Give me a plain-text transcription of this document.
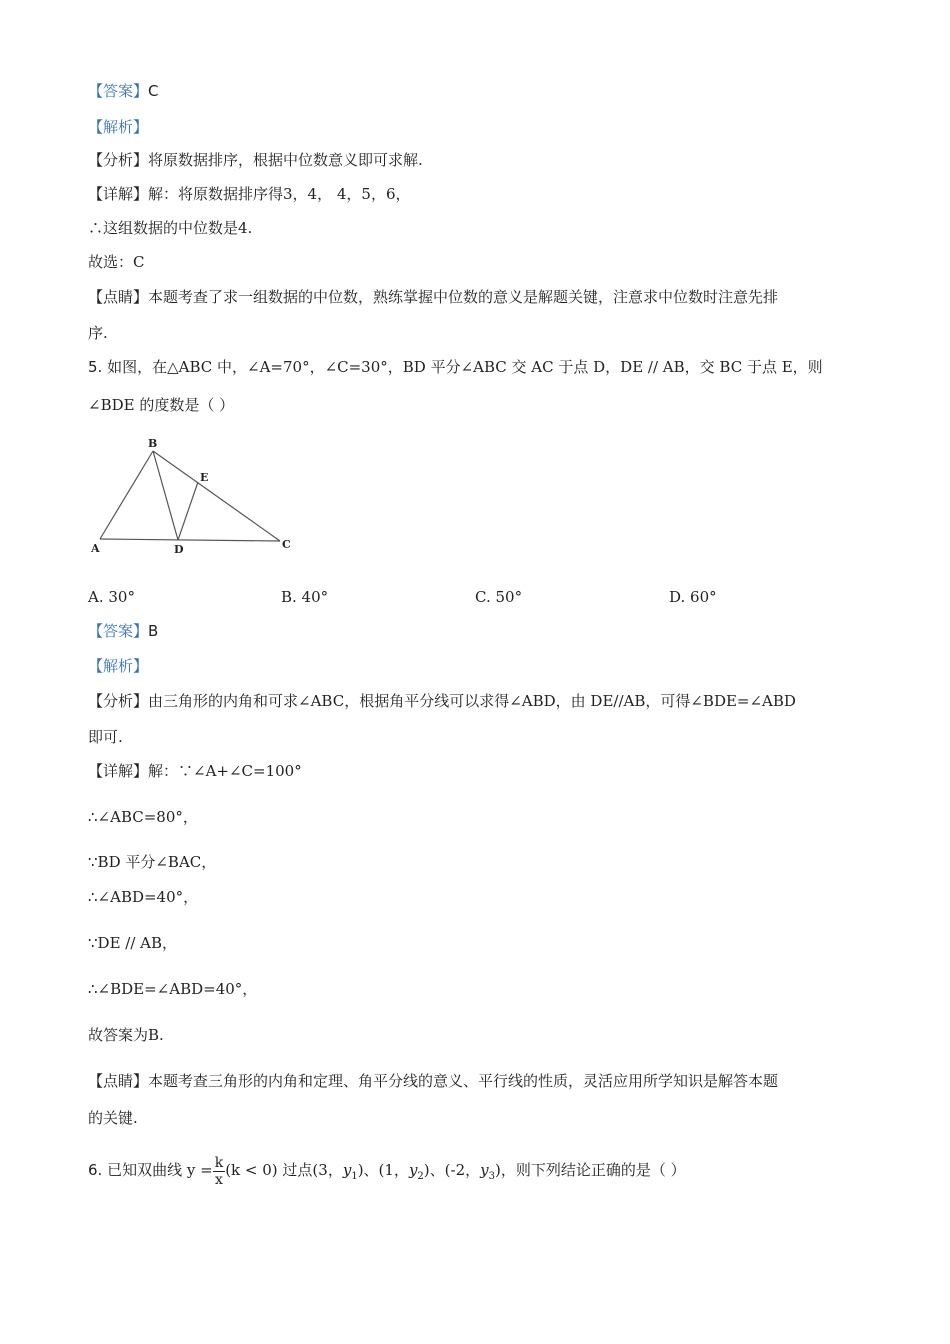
【答案】C
【解析】
【分析】将原数据排序，根据中位数意义即可求解.
【详解】解：将原数据排序得3，4， 4，5，6，
∴这组数据的中位数是4.
故选：C
【点睛】本题考查了求一组数据的中位数，熟练掌握中位数的意义是解题关键，注意求中位数时注意先排
序.
5. 如图，在△ABC 中，∠A=70°，∠C=30°，BD 平分∠ABC 交 AC 于点 D，DE // AB，交 BC 于点 E，则
∠BDE 的度数是（ ）
B
E
A	D	C
A. 30°	B. 40°	C. 50°	D. 60°
【答案】B
【解析】
【分析】由三角形的内角和可求∠ABC，根据角平分线可以求得∠ABD，由 DE//AB，可得∠BDE=∠ABD
即可.
【详解】解：∵∠A+∠C=100°
∴∠ABC=80°，
∵BD 平分∠BAC，
∴∠ABD=40°，
∵DE // AB，
∴∠BDE=∠ABD=40°，
故答案为B.
【点睛】本题考查三角形的内角和定理、角平分线的意义、平行线的性质，灵活应用所学知识是解答本题
的关键.
6. 已知双曲线 $y = \frac{k}{x} (k < 0)$ 过点(3，$y_1$)、(1，$y_2$)、(-2，$y_3$)，则下列结论正确的是（ ）
